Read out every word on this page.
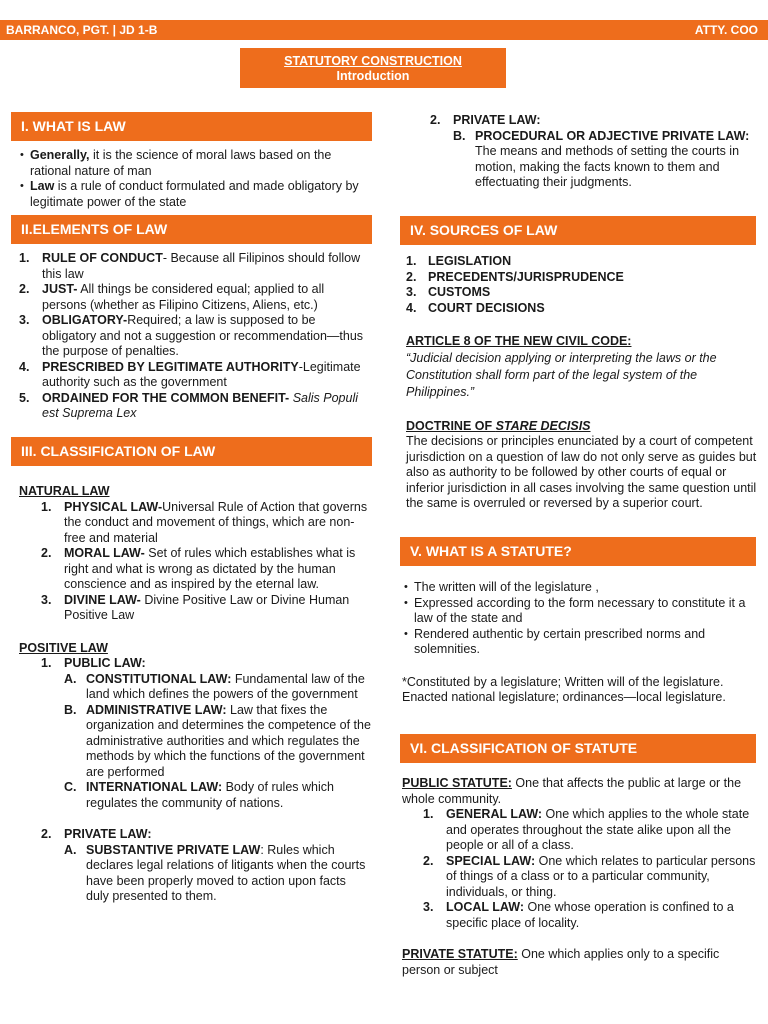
BARRANCO, PGT. | JD 1-B	ATTY. COO
STATUTORY CONSTRUCTION
Introduction
I. WHAT IS LAW
• Generally, it is the science of moral laws based on the rational nature of man
• Law is a rule of conduct formulated and made obligatory by legitimate power of the state
II.ELEMENTS OF LAW
1. RULE OF CONDUCT- Because all Filipinos should follow this law
2. JUST- All things be considered equal; applied to all persons (whether as Filipino Citizens, Aliens, etc.)
3. OBLIGATORY-Required; a law is supposed to be obligatory and not a suggestion or recommendation—thus the purpose of penalties.
4. PRESCRIBED BY LEGITIMATE AUTHORITY-Legitimate authority such as the government
5. ORDAINED FOR THE COMMON BENEFIT- Salis Populi est Suprema Lex
III. CLASSIFICATION OF LAW
NATURAL LAW
1. PHYSICAL LAW-Universal Rule of Action that governs the conduct and movement of things, which are non-free and material
2. MORAL LAW- Set of rules which establishes what is right and what is wrong as dictated by the human conscience and as inspired by the eternal law.
3. DIVINE LAW- Divine Positive Law or Divine Human Positive Law
POSITIVE LAW
1. PUBLIC LAW:
A. CONSTITUTIONAL LAW: Fundamental law of the land which defines the powers of the government
B. ADMINISTRATIVE LAW: Law that fixes the organization and determines the competence of the administrative authorities and which regulates the methods by which the functions of the government are performed
C. INTERNATIONAL LAW: Body of rules which regulates the community of nations.
2. PRIVATE LAW:
A. SUBSTANTIVE PRIVATE LAW: Rules which declares legal relations of litigants when the courts have been properly moved to action upon facts duly presented to them.
2. PRIVATE LAW:
B. PROCEDURAL OR ADJECTIVE PRIVATE LAW: The means and methods of setting the courts in motion, making the facts known to them and effectuating their judgments.
IV. SOURCES OF LAW
1. LEGISLATION
2. PRECEDENTS/JURISPRUDENCE
3. CUSTOMS
4. COURT DECISIONS
ARTICLE 8 OF THE NEW CIVIL CODE:
“Judicial decision applying or interpreting the laws or the Constitution shall form part of the legal system of the Philippines.”
DOCTRINE OF STARE DECISIS
The decisions or principles enunciated by a court of competent jurisdiction on a question of law do not only serve as guides but also as authority to be followed by other courts of equal or inferior jurisdiction in all cases involving the same question until the same is overruled or reversed by a superior court.
V. WHAT IS A STATUTE?
• The written will of the legislature ,
• Expressed according to the form necessary to constitute it a law of the state and
• Rendered authentic by certain prescribed norms and solemnities.
*Constituted by a legislature; Written will of the legislature. Enacted national legislature; ordinances—local legislature.
VI. CLASSIFICATION OF STATUTE
PUBLIC STATUTE: One that affects the public at large or the whole community.
1. GENERAL LAW: One which applies to the whole state and operates throughout the state alike upon all the people or all of a class.
2. SPECIAL LAW: One which relates to particular persons of things of a class or to a particular community, individuals, or thing.
3. LOCAL LAW: One whose operation is confined to a specific place of locality.
PRIVATE STATUTE: One which applies only to a specific person or subject
